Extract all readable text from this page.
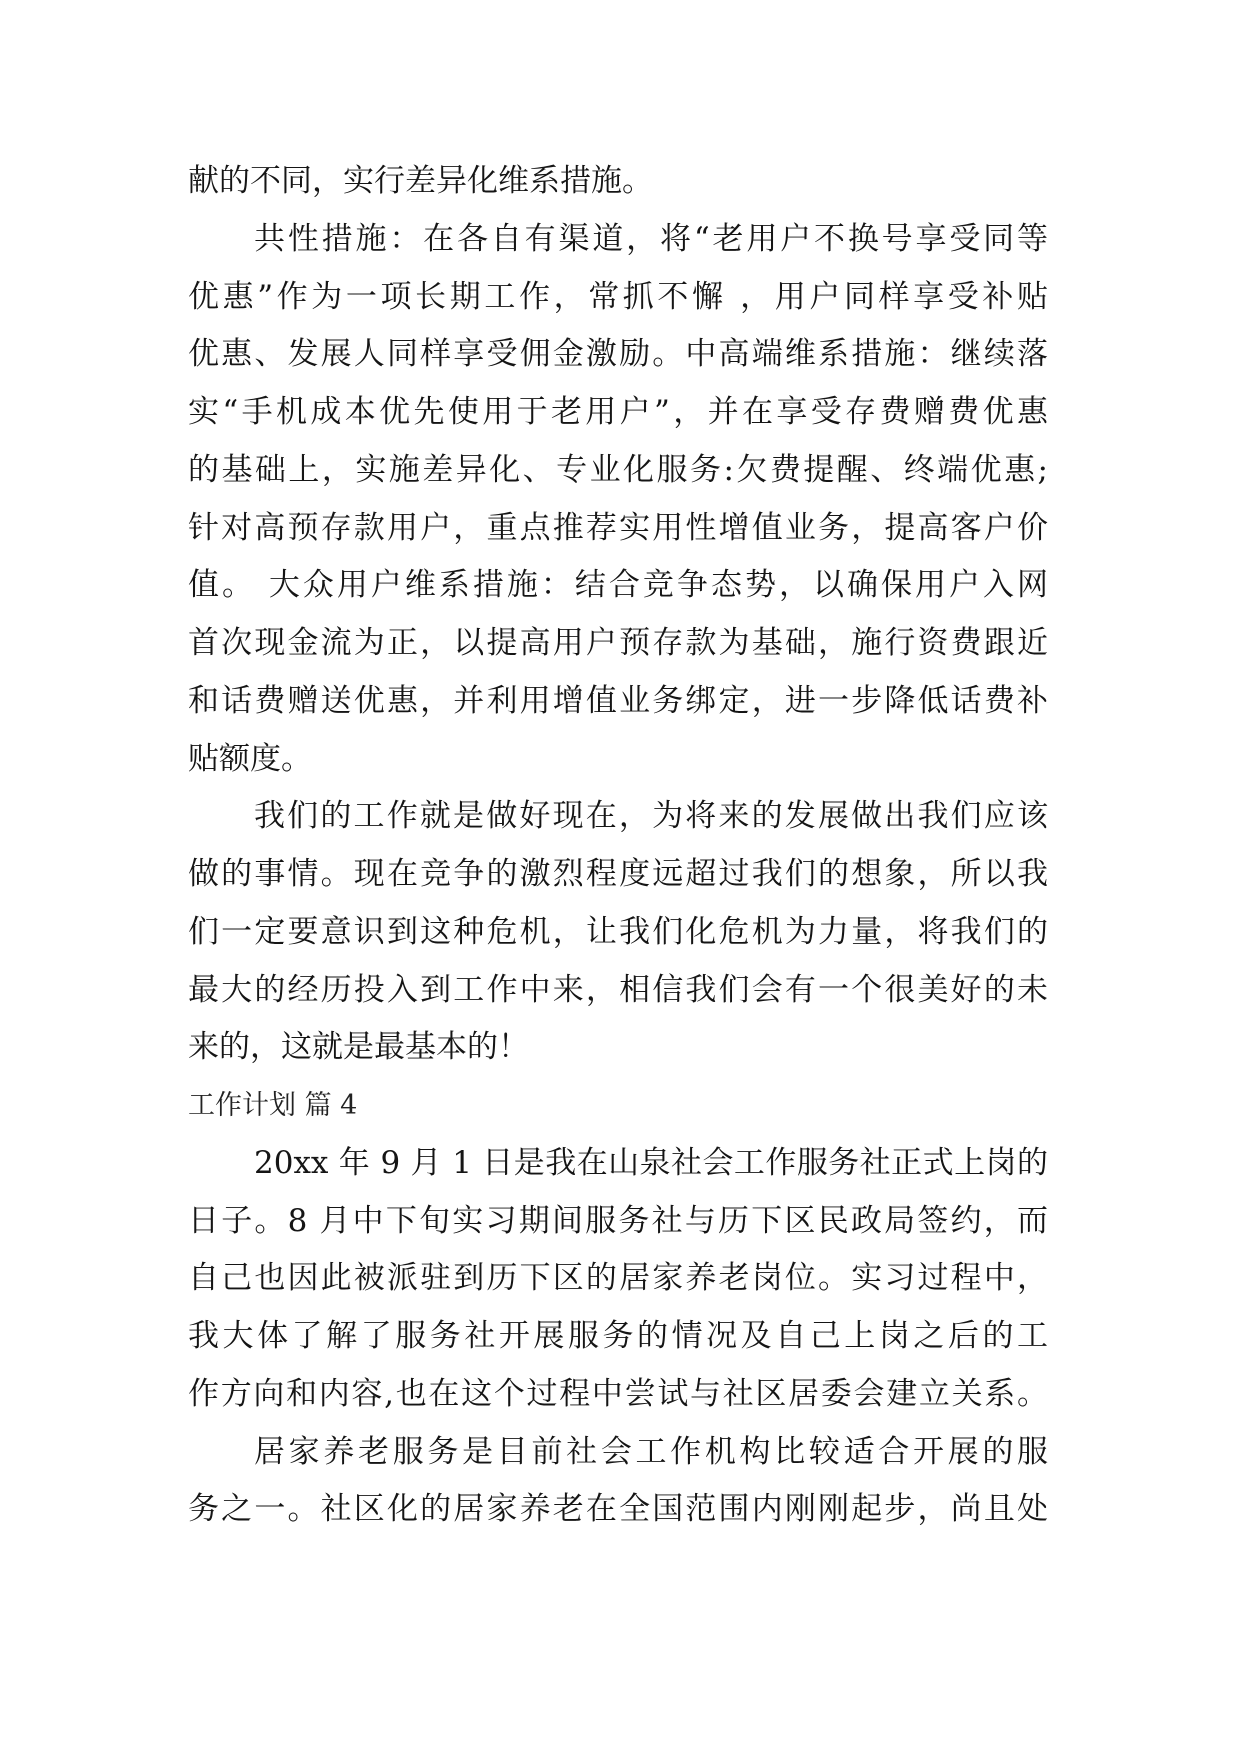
献的不同，实行差异化维系措施。
共性措施：在各自有渠道，将“老用户不换号享受同等
优惠”作为一项长期工作，常抓不懈 ，用户同样享受补贴
优惠、发展人同样享受佣金激励。中高端维系措施：继续落
实“手机成本优先使用于老用户”，并在享受存费赠费优惠
的基础上，实施差异化、专业化服务:欠费提醒、终端优惠;
针对高预存款用户，重点推荐实用性增值业务，提高客户价
值。 大众用户维系措施：结合竞争态势，以确保用户入网
首次现金流为正，以提高用户预存款为基础，施行资费跟近
和话费赠送优惠，并利用增值业务绑定，进一步降低话费补
贴额度。
我们的工作就是做好现在，为将来的发展做出我们应该
做的事情。现在竞争的激烈程度远超过我们的想象，所以我
们一定要意识到这种危机，让我们化危机为力量，将我们的
最大的经历投入到工作中来，相信我们会有一个很美好的未
来的，这就是最基本的！
工作计划 篇 4
20xx 年 9 月 1 日是我在山泉社会工作服务社正式上岗的
日子。8 月中下旬实习期间服务社与历下区民政局签约，而
自己也因此被派驻到历下区的居家养老岗位。实习过程中，
我大体了解了服务社开展服务的情况及自己上岗之后的工
作方向和内容,也在这个过程中尝试与社区居委会建立关系。
居家养老服务是目前社会工作机构比较适合开展的服
务之一。社区化的居家养老在全国范围内刚刚起步，尚且处
